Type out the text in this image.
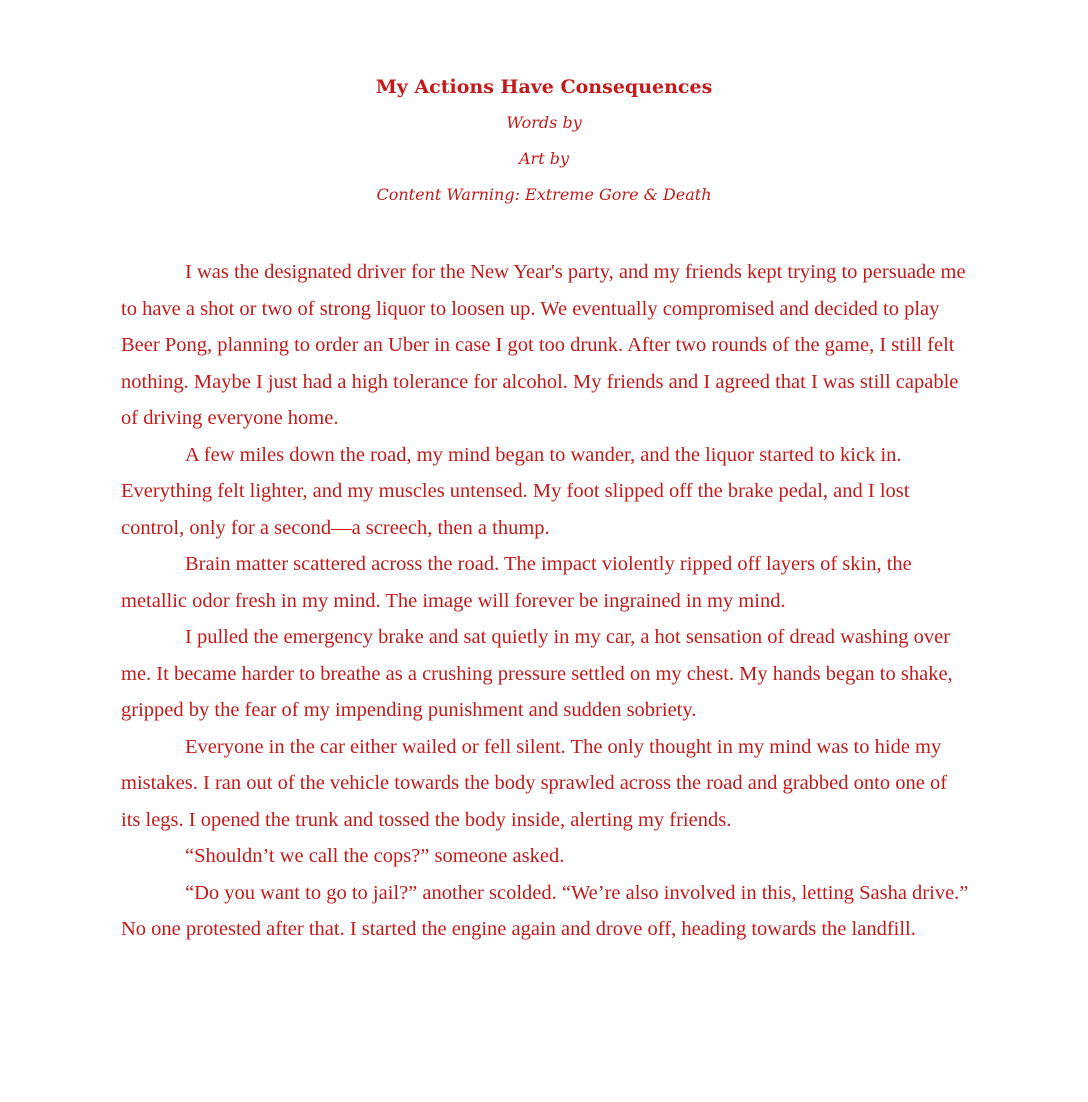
My Actions Have Consequences
Words by
Art by
Content Warning: Extreme Gore & Death

I was the designated driver for the New Year's party, and my friends kept trying to persuade me to have a shot or two of strong liquor to loosen up. We eventually compromised and decided to play Beer Pong, planning to order an Uber in case I got too drunk. After two rounds of the game, I still felt nothing. Maybe I just had a high tolerance for alcohol. My friends and I agreed that I was still capable of driving everyone home.

A few miles down the road, my mind began to wander, and the liquor started to kick in. Everything felt lighter, and my muscles untensed. My foot slipped off the brake pedal, and I lost control, only for a second—a screech, then a thump.

Brain matter scattered across the road. The impact violently ripped off layers of skin, the metallic odor fresh in my mind. The image will forever be ingrained in my mind.

I pulled the emergency brake and sat quietly in my car, a hot sensation of dread washing over me. It became harder to breathe as a crushing pressure settled on my chest. My hands began to shake, gripped by the fear of my impending punishment and sudden sobriety.

Everyone in the car either wailed or fell silent. The only thought in my mind was to hide my mistakes. I ran out of the vehicle towards the body sprawled across the road and grabbed onto one of its legs. I opened the trunk and tossed the body inside, alerting my friends.

“Shouldn’t we call the cops?” someone asked.

“Do you want to go to jail?” another scolded. “We’re also involved in this, letting Sasha drive.” No one protested after that. I started the engine again and drove off, heading towards the landfill.
